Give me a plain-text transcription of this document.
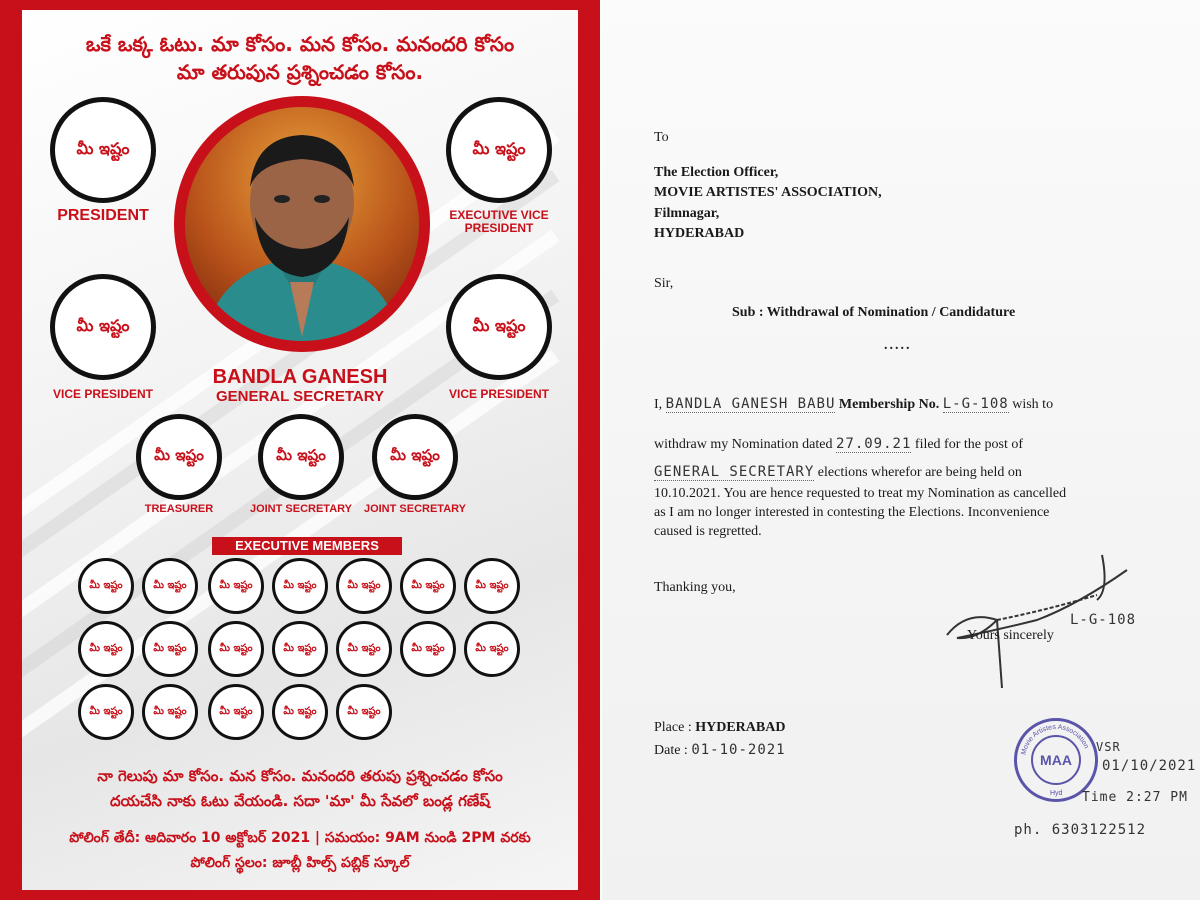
ఒకే ఒక్క ఓటు. మా కోసం. మన కోసం. మనందరి కోసం
మా తరుపున ప్రశ్నించడం కోసం.
మీ ఇష్టం
PRESIDENT
మీ ఇష్టం
EXECUTIVE VICE
PRESIDENT
మీ ఇష్టం
VICE PRESIDENT
మీ ఇష్టం
VICE PRESIDENT
BANDLA GANESH
GENERAL SECRETARY
మీ ఇష్టం
TREASURER
మీ ఇష్టం
JOINT SECRETARY
మీ ఇష్టం
JOINT SECRETARY
EXECUTIVE MEMBERS
మీ ఇష్టం	మీ ఇష్టం	మీ ఇష్టం	మీ ఇష్టం	మీ ఇష్టం	మీ ఇష్టం	మీ ఇష్టం
మీ ఇష్టం	మీ ఇష్టం	మీ ఇష్టం	మీ ఇష్టం	మీ ఇష్టం	మీ ఇష్టం	మీ ఇష్టం
మీ ఇష్టం	మీ ఇష్టం	మీ ఇష్టం	మీ ఇష్టం	మీ ఇష్టం
నా గెలుపు మా కోసం. మన కోసం. మనందరి తరుపు ప్రశ్నించడం కోసం
దయచేసి నాకు ఓటు వేయండి. సదా 'మా' మీ సేవలో బండ్ల గణేష్
పోలింగ్ తేదీ: ఆదివారం 10 అక్టోబర్ 2021 | సమయం: 9AM నుండి 2PM వరకు
పోలింగ్ స్థలం: జూబ్లీ హిల్స్ పబ్లిక్ స్కూల్
To
The Election Officer,
MOVIE ARTISTES' ASSOCIATION,
Filmnagar,
HYDERABAD
Sir,
Sub : Withdrawal of Nomination / Candidature
.....
I, BANDLA GANESH BABU Membership No. L-G-108 wish to
withdraw my Nomination dated 27.09.21 filed for the post of
GENERAL SECRETARY elections wherefor are being held on
10.10.2021. You are hence requested to treat my Nomination as cancelled
as I am no longer interested in contesting the Elections. Inconvenience
caused is regretted.
Thanking you,
Yours sincerely
L-G-108
Place : HYDERABAD
Date : 01-10-2021	Movie Artistes Association
Hyd
MAA
VSR
01/10/2021
Time 2:27 PM
ph. 6303122512
